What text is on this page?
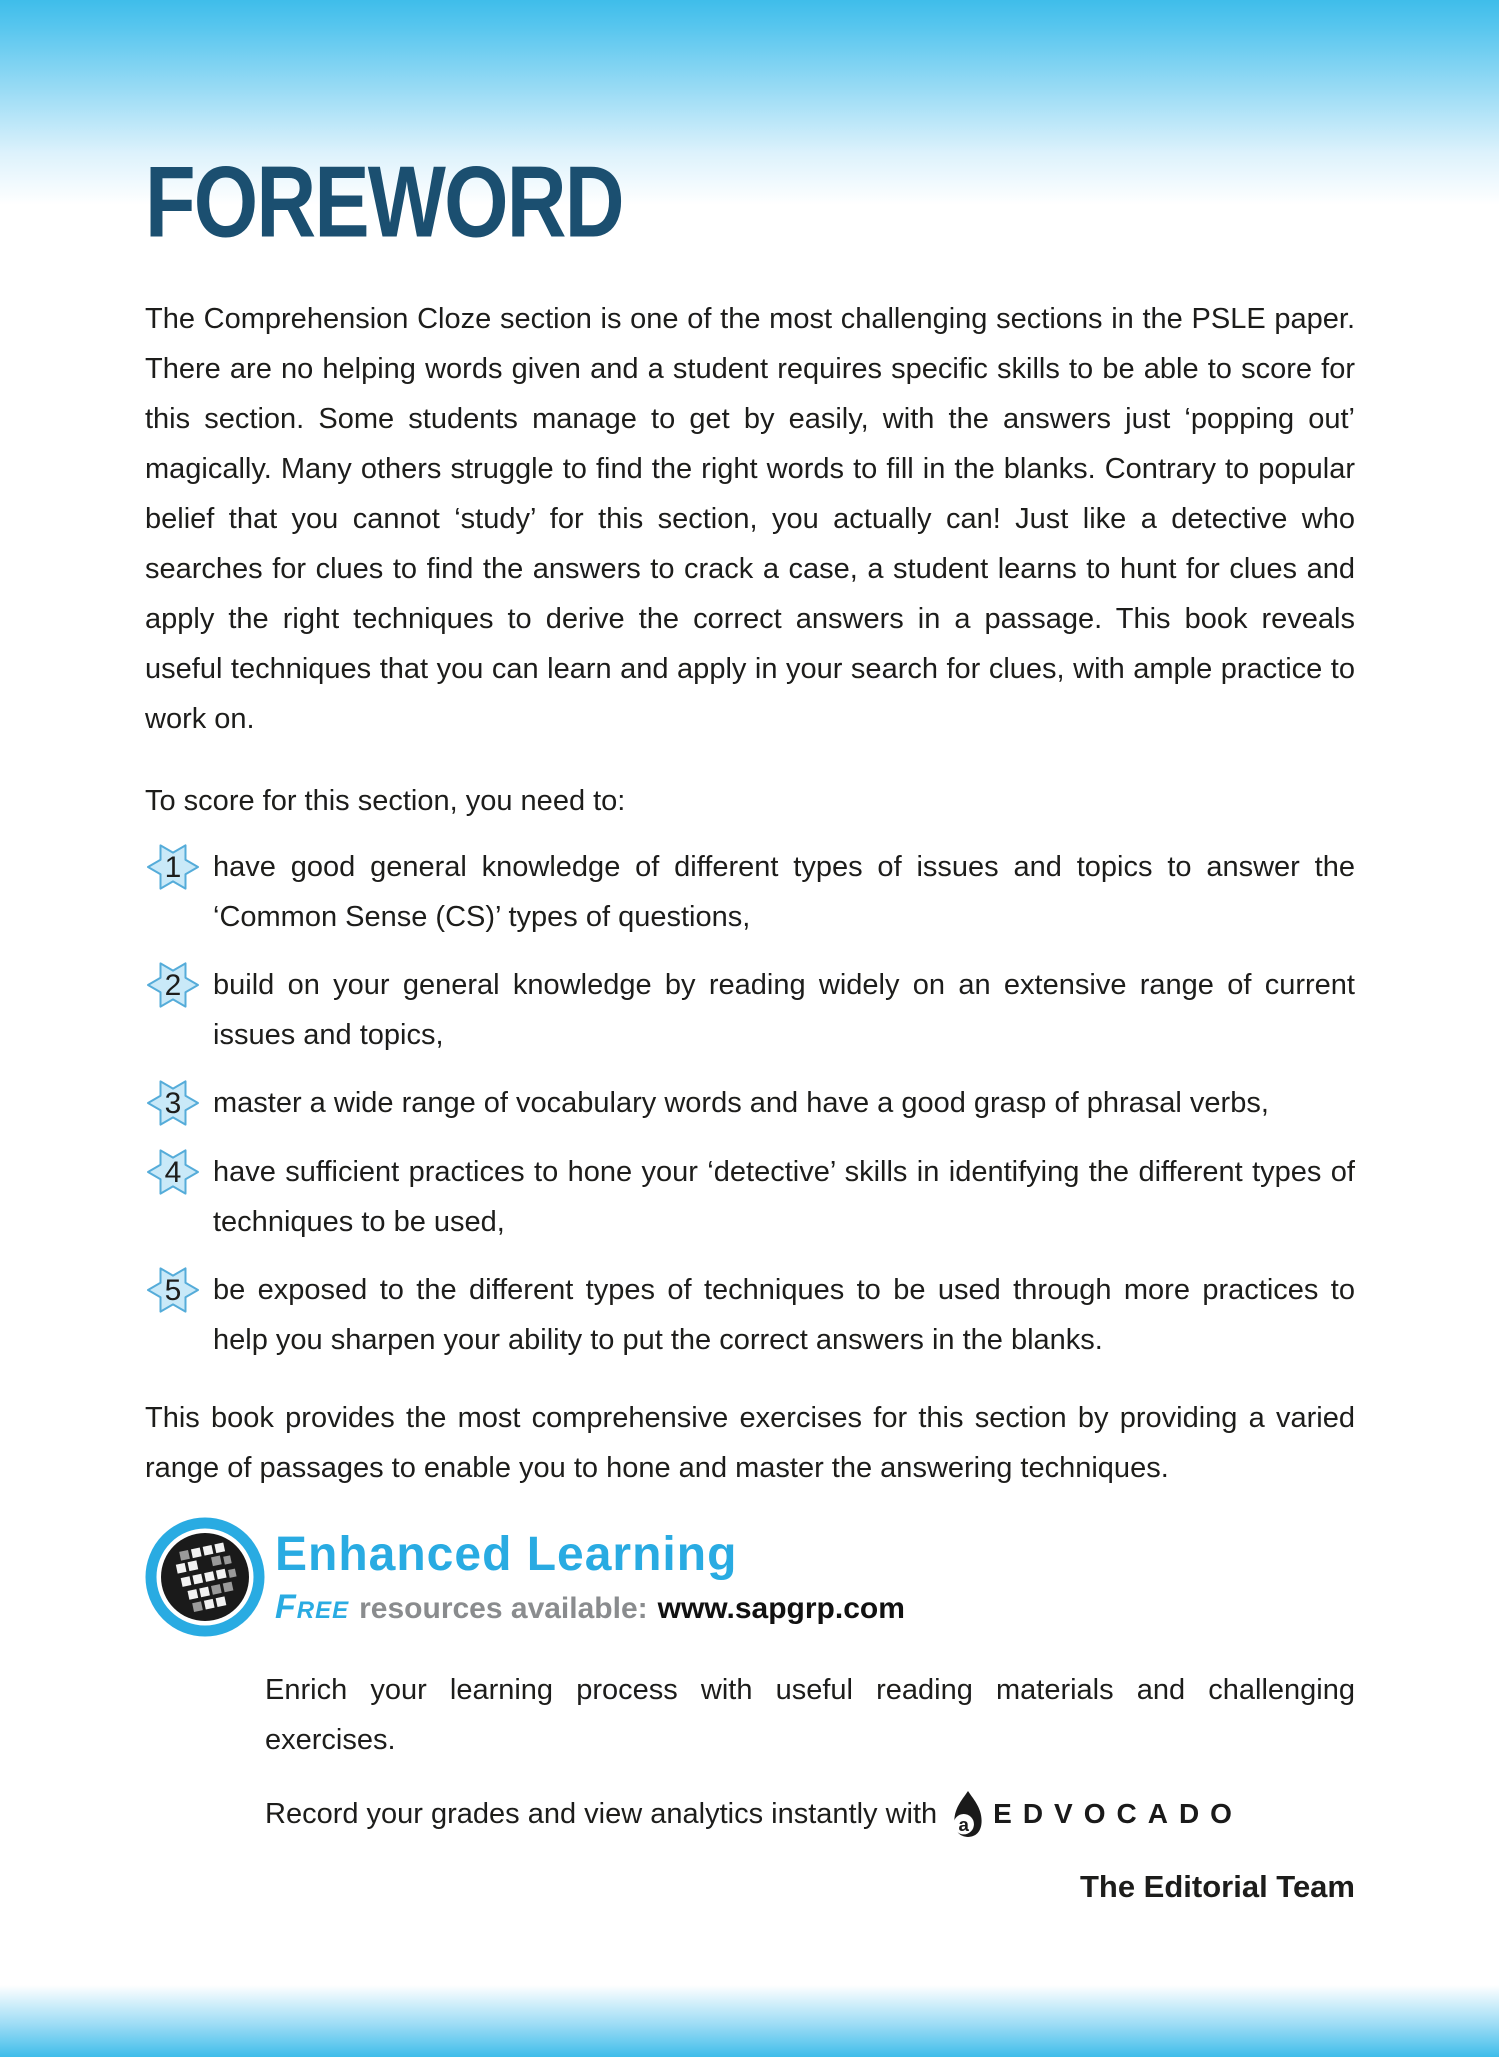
FOREWORD

The Comprehension Cloze section is one of the most challenging sections in the PSLE paper. There are no helping words given and a student requires specific skills to be able to score for this section. Some students manage to get by easily, with the answers just ‘popping out’ magically. Many others struggle to find the right words to fill in the blanks. Contrary to popular belief that you cannot ‘study’ for this section, you actually can! Just like a detective who searches for clues to find the answers to crack a case, a student learns to hunt for clues and apply the right techniques to derive the correct answers in a passage. This book reveals useful techniques that you can learn and apply in your search for clues, with ample practice to work on.

To score for this section, you need to:

1 have good general knowledge of different types of issues and topics to answer the ‘Common Sense (CS)’ types of questions,
2 build on your general knowledge by reading widely on an extensive range of current issues and topics,
3 master a wide range of vocabulary words and have a good grasp of phrasal verbs,
4 have sufficient practices to hone your ‘detective’ skills in identifying the different types of techniques to be used,
5 be exposed to the different types of techniques to be used through more practices to help you sharpen your ability to put the correct answers in the blanks.

This book provides the most comprehensive exercises for this section by providing a varied range of passages to enable you to hone and master the answering techniques.

Enhanced Learning
Free resources available: www.sapgrp.com

Enrich your learning process with useful reading materials and challenging exercises.

Record your grades and view analytics instantly with a EDVOCADO
The Editorial Team
